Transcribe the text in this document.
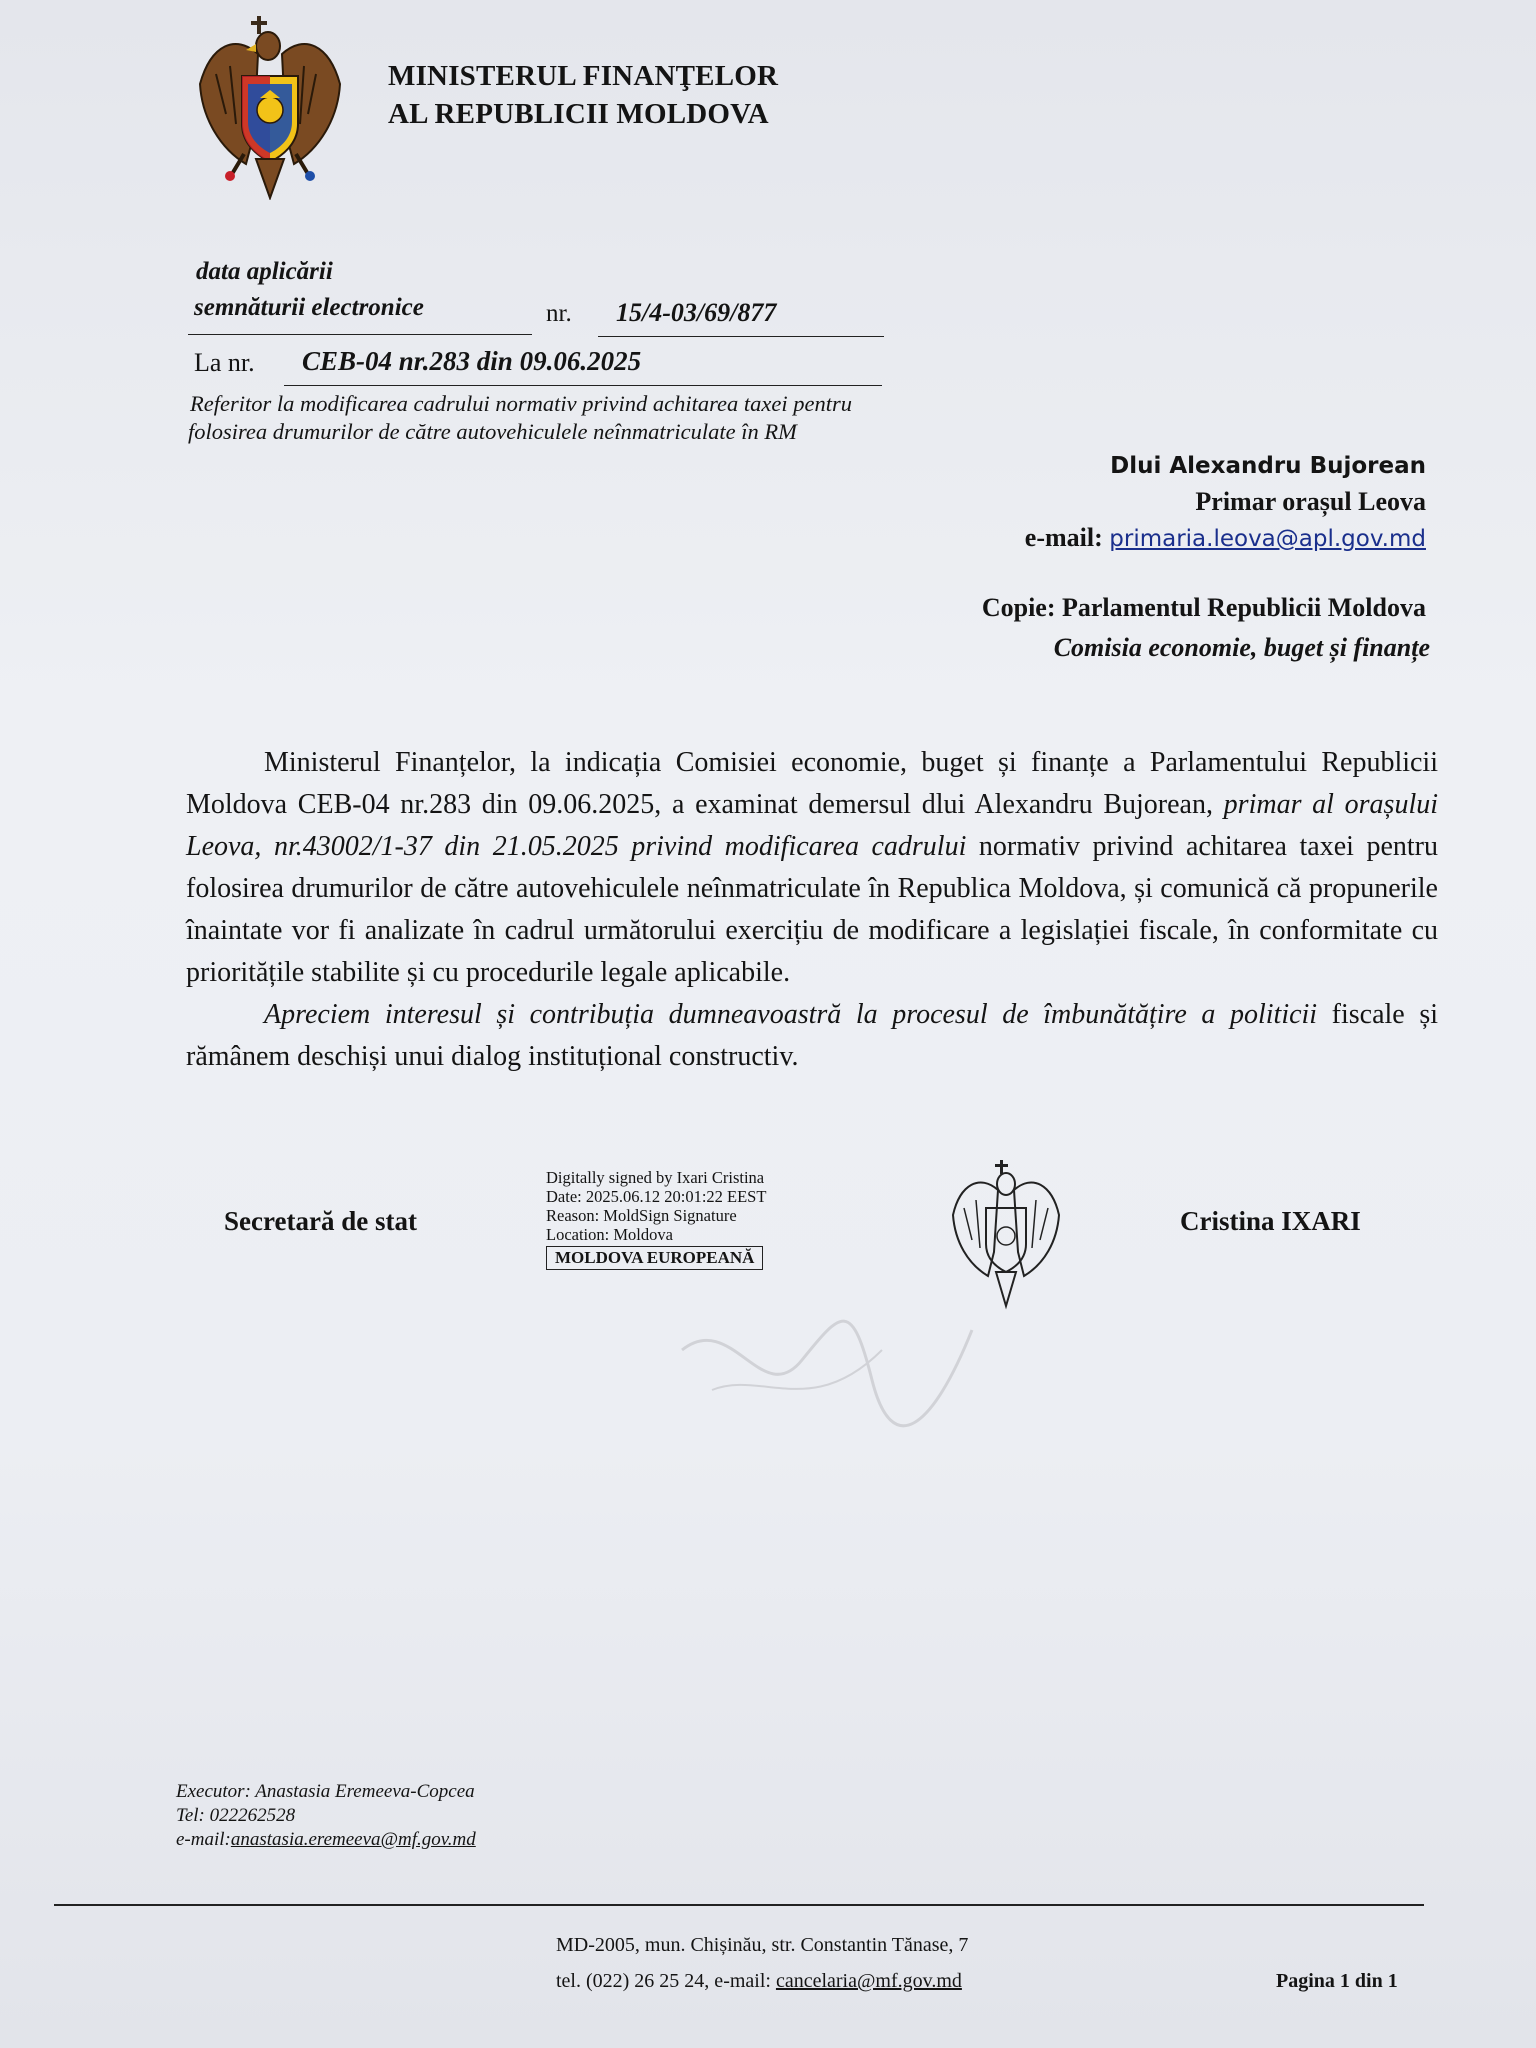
MINISTERUL FINANŢELOR
AL REPUBLICII MOLDOVA
data aplicării
semnăturii electronice	nr. 15/4-03/69/877
La nr. CEB-04 nr.283 din 09.06.2025
Referitor la modificarea cadrului normativ privind achitarea taxei pentru
folosirea drumurilor de către autovehiculele neînmatriculate în RM
Dlui Alexandru Bujorean
Primar orașul Leova
e-mail: primaria.leova@apl.gov.md
Copie: Parlamentul Republicii Moldova
Comisia economie, buget și finanțe

Ministerul Finanțelor, la indicația Comisiei economie, buget și finanțe a Parlamentului Republicii Moldova CEB-04 nr.283 din 09.06.2025, a examinat demersul dlui Alexandru Bujorean, primar al orașului Leova, nr.43002/1-37 din 21.05.2025 privind modificarea cadrului normativ privind achitarea taxei pentru folosirea drumurilor de către autovehiculele neînmatriculate în Republica Moldova, și comunică că propunerile înaintate vor fi analizate în cadrul următorului exercițiu de modificare a legislației fiscale, în conformitate cu prioritățile stabilite și cu procedurile legale aplicabile.

Apreciem interesul și contribuția dumneavoastră la procesul de îmbunătățire a politicii fiscale și rămânem deschiși unui dialog instituțional constructiv.

Secretară de stat
Digitally signed by Ixari Cristina
Date: 2025.06.12 20:01:22 EEST
Reason: MoldSign Signature
Location: Moldova
MOLDOVA EUROPEANĂ
Cristina IXARI
Executor: Anastasia Eremeeva-Copcea
Tel: 022262528
e-mail:anastasia.eremeeva@mf.gov.md
MD-2005, mun. Chișinău, str. Constantin Tănase, 7
tel. (022) 26 25 24, e-mail: cancelaria@mf.gov.md	Pagina 1 din 1
